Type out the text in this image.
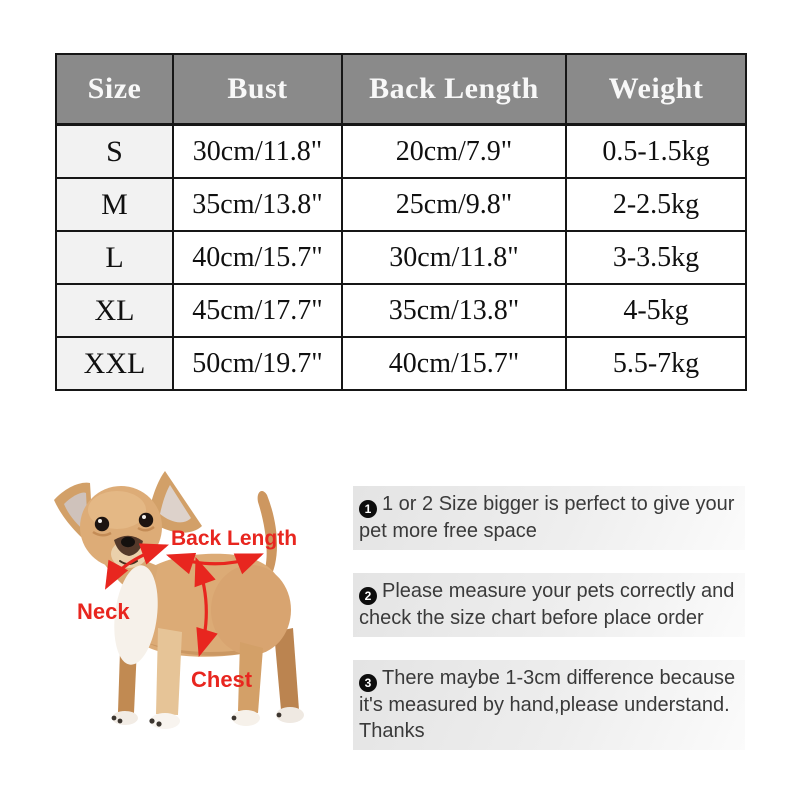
Size	Bust	Back Length	Weight
S	30cm/11.8"	20cm/7.9"	0.5-1.5kg
M	35cm/13.8"	25cm/9.8"	2-2.5kg
L	40cm/15.7"	30cm/11.8"	3-3.5kg
XL	45cm/17.7"	35cm/13.8"	4-5kg
XXL	50cm/19.7"	40cm/15.7"	5.5-7kg
Back Length
Neck
Chest
1 1 or 2 Size bigger is perfect to give your pet more free space
2 Please measure your pets correctly and check the size chart before place order
3 There maybe 1-3cm difference because it's measured by hand,please understand. Thanks
